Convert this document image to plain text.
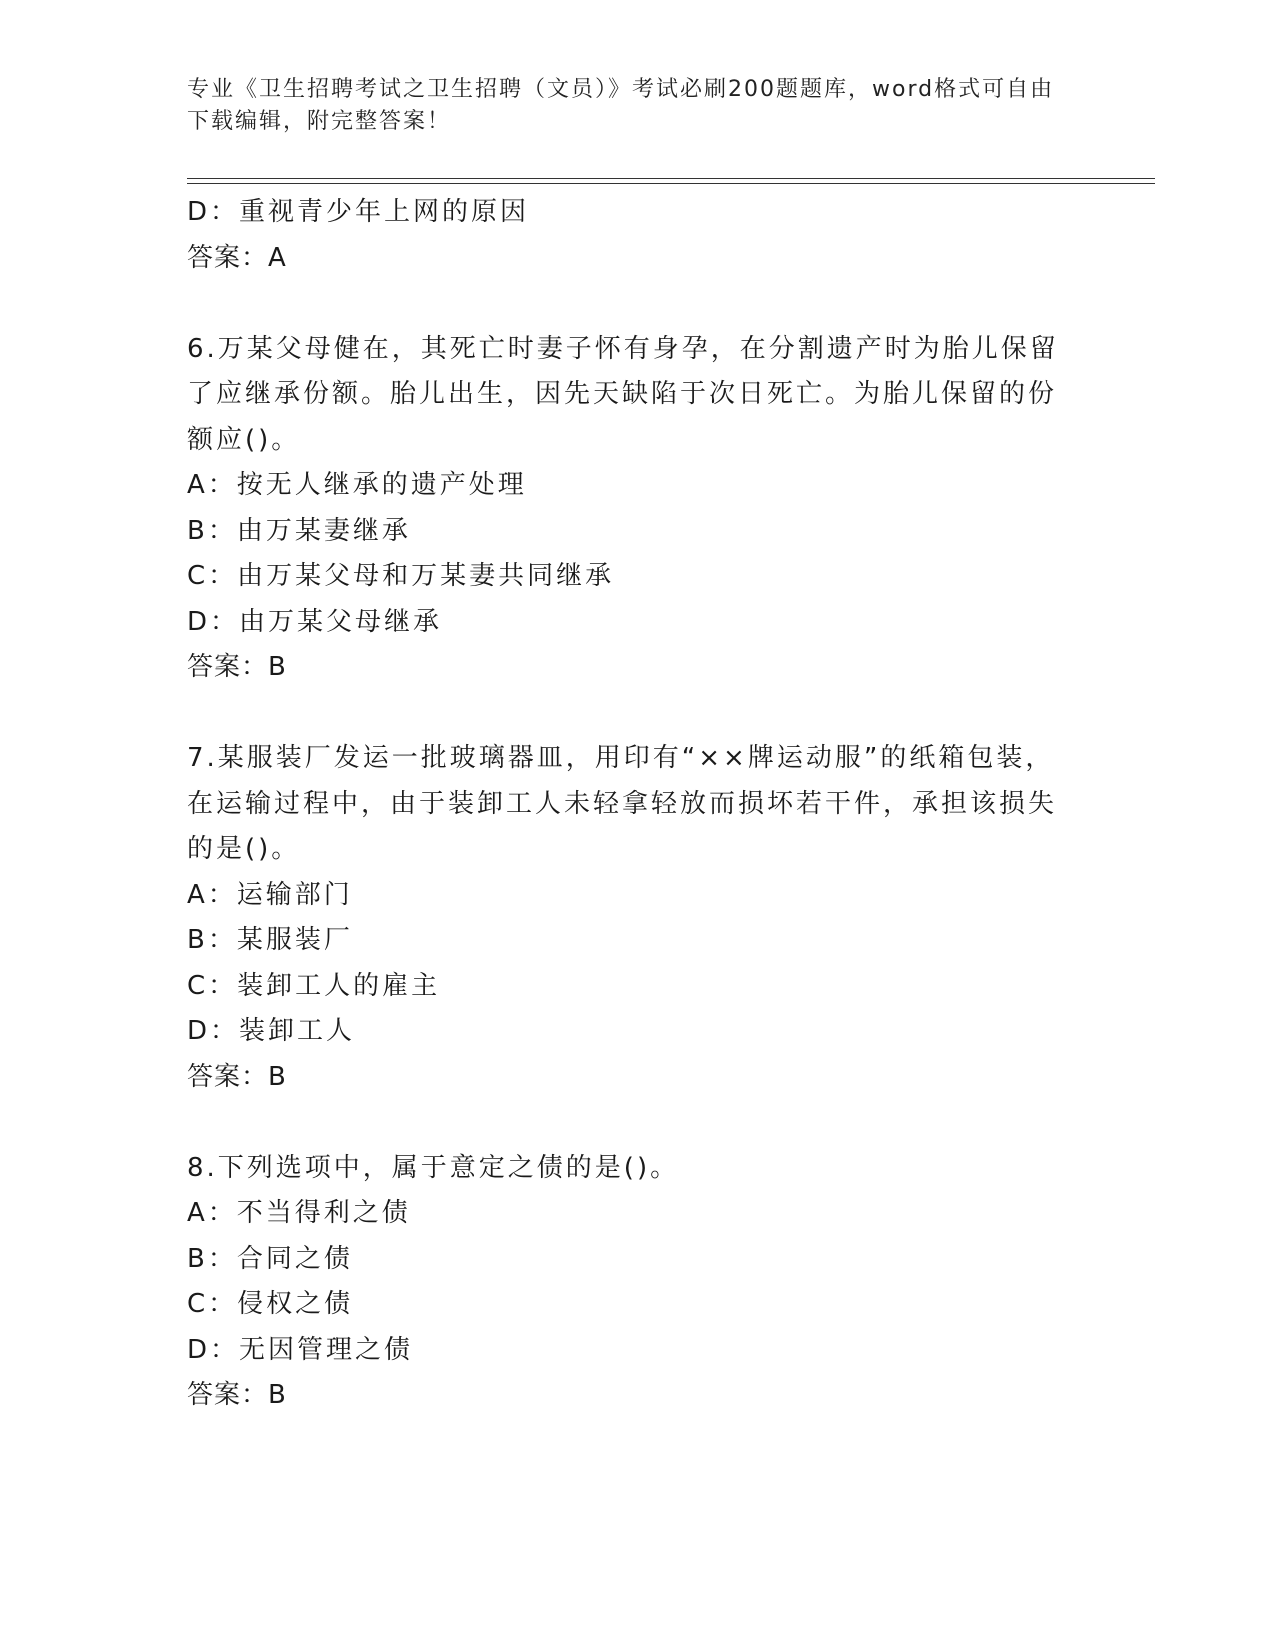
专业《卫生招聘考试之卫生招聘（文员）》考试必刷200题题库，word格式可自由下载编辑，附完整答案！

D：重视青少年上网的原因

答案：A

6.万某父母健在，其死亡时妻子怀有身孕，在分割遗产时为胎儿保留了应继承份额。胎儿出生，因先天缺陷于次日死亡。为胎儿保留的份额应()。

A：按无人继承的遗产处理

B：由万某妻继承

C：由万某父母和万某妻共同继承

D：由万某父母继承

答案：B

7.某服装厂发运一批玻璃器皿，用印有“××牌运动服”的纸箱包装，在运输过程中，由于装卸工人未轻拿轻放而损坏若干件，承担该损失的是()。

A：运输部门

B：某服装厂

C：装卸工人的雇主

D：装卸工人

答案：B

8.下列选项中，属于意定之债的是()。

A：不当得利之债

B：合同之债

C：侵权之债

D：无因管理之债

答案：B
